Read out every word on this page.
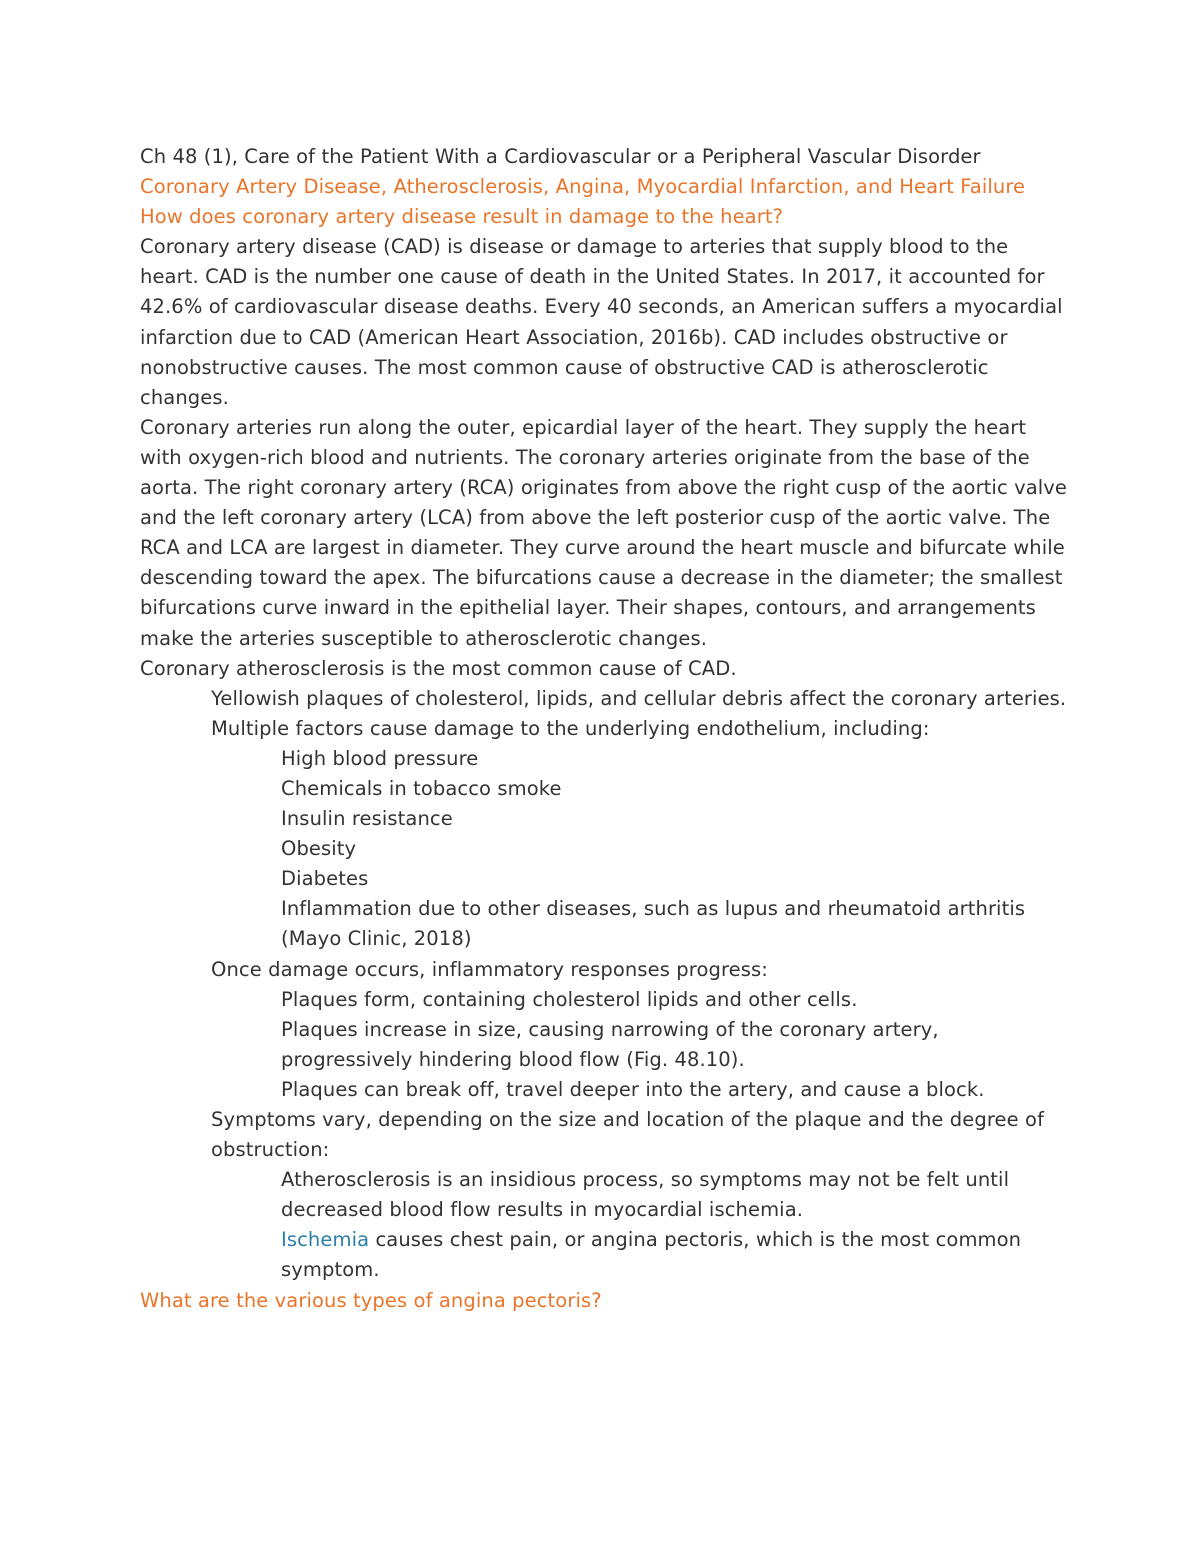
Ch 48 (1), Care of the Patient With a Cardiovascular or a Peripheral Vascular Disorder

Coronary Artery Disease, Atherosclerosis, Angina, Myocardial Infarction, and Heart Failure

How does coronary artery disease result in damage to the heart?

Coronary artery disease (CAD) is disease or damage to arteries that supply blood to the heart. CAD is the number one cause of death in the United States. In 2017, it accounted for 42.6% of cardiovascular disease deaths. Every 40 seconds, an American suffers a myocardial infarction due to CAD (American Heart Association, 2016b). CAD includes obstructive or nonobstructive causes. The most common cause of obstructive CAD is atherosclerotic changes.

Coronary arteries run along the outer, epicardial layer of the heart. They supply the heart with oxygen-rich blood and nutrients. The coronary arteries originate from the base of the aorta. The right coronary artery (RCA) originates from above the right cusp of the aortic valve and the left coronary artery (LCA) from above the left posterior cusp of the aortic valve. The RCA and LCA are largest in diameter. They curve around the heart muscle and bifurcate while descending toward the apex. The bifurcations cause a decrease in the diameter; the smallest bifurcations curve inward in the epithelial layer. Their shapes, contours, and arrangements make the arteries susceptible to atherosclerotic changes.

Coronary atherosclerosis is the most common cause of CAD.

Yellowish plaques of cholesterol, lipids, and cellular debris affect the coronary arteries.

Multiple factors cause damage to the underlying endothelium, including:

High blood pressure

Chemicals in tobacco smoke

Insulin resistance

Obesity

Diabetes

Inflammation due to other diseases, such as lupus and rheumatoid arthritis (Mayo Clinic, 2018)

Once damage occurs, inflammatory responses progress:

Plaques form, containing cholesterol lipids and other cells.

Plaques increase in size, causing narrowing of the coronary artery, progressively hindering blood flow (Fig. 48.10).

Plaques can break off, travel deeper into the artery, and cause a block.

Symptoms vary, depending on the size and location of the plaque and the degree of obstruction:

Atherosclerosis is an insidious process, so symptoms may not be felt until decreased blood flow results in myocardial ischemia.

Ischemia causes chest pain, or angina pectoris, which is the most common symptom.

What are the various types of angina pectoris?
